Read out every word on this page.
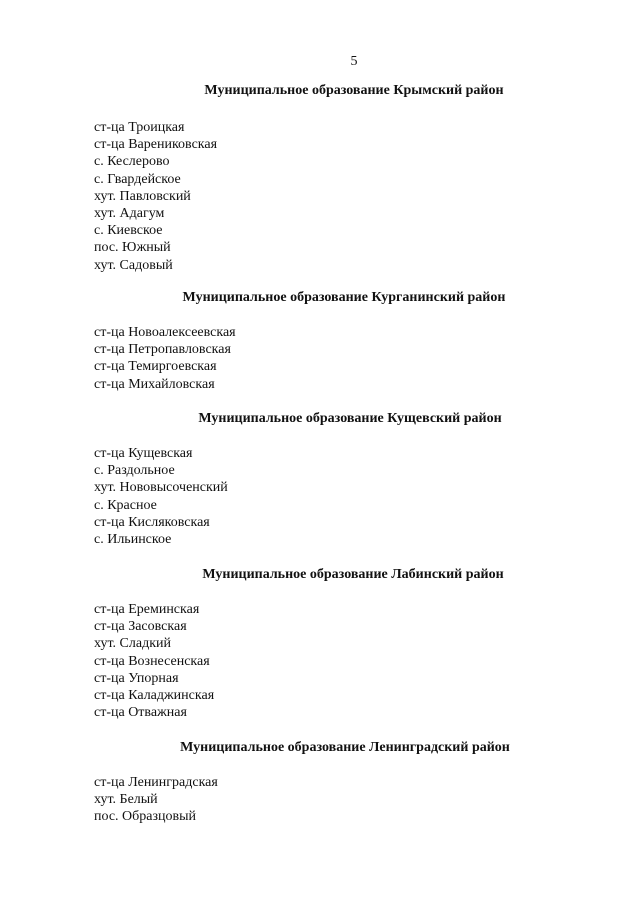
5
Муниципальное образование Крымский район
ст-ца Троицкая
ст-ца Варениковская
с. Кеслерово
с. Гвардейское
хут. Павловский
хут. Адагум
с. Киевское
пос. Южный
хут. Садовый
Муниципальное образование Курганинский район
ст-ца Новоалексеевская
ст-ца Петропавловская
ст-ца Темиргоевская
ст-ца Михайловская
Муниципальное образование Кущевский район
ст-ца Кущевская
с. Раздольное
хут. Нововысоченский
с. Красное
ст-ца Кисляковская
с. Ильинское
Муниципальное образование Лабинский район
ст-ца Ереминская
ст-ца Засовская
хут. Сладкий
ст-ца Вознесенская
ст-ца Упорная
ст-ца Каладжинская
ст-ца Отважная
Муниципальное образование Ленинградский район
ст-ца Ленинградская
хут. Белый
пос. Образцовый
